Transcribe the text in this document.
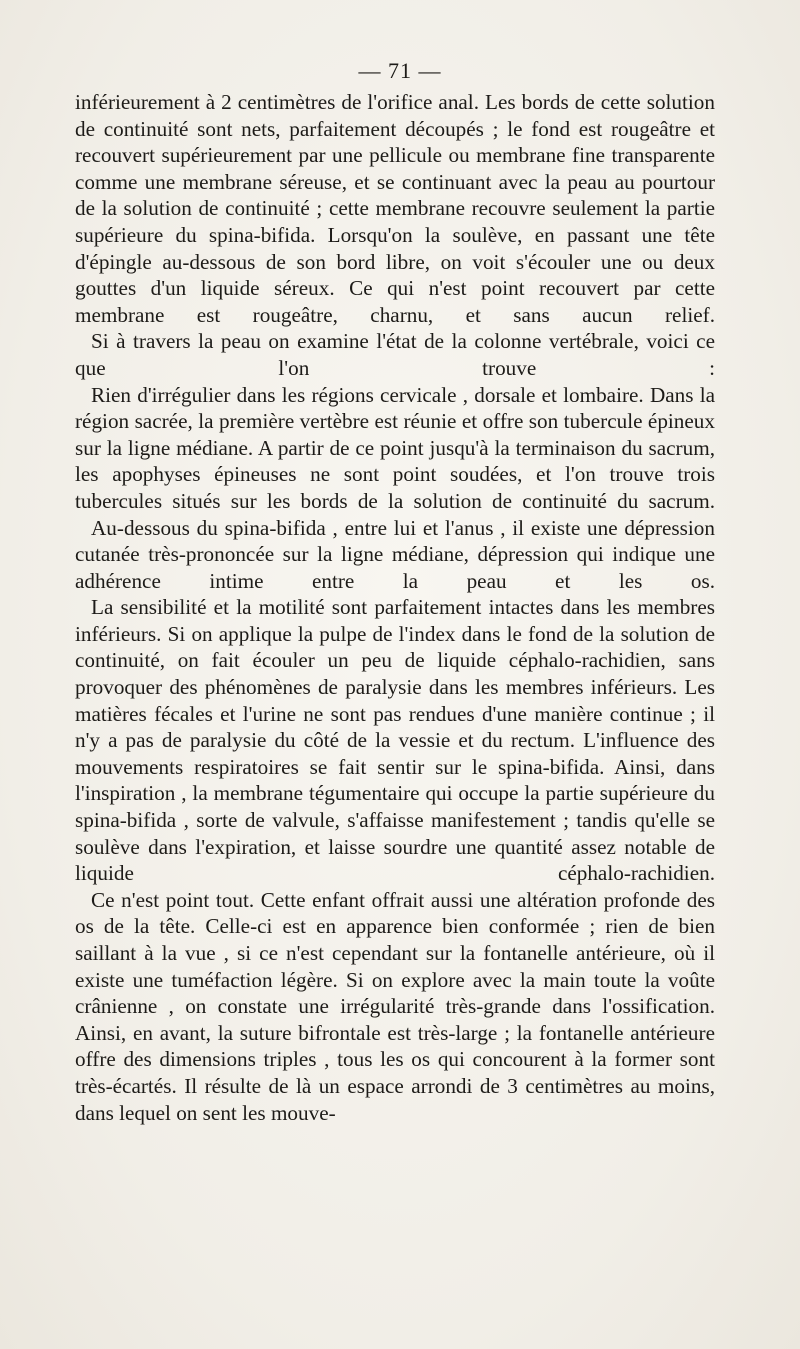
— 71 —

inférieurement à 2 centimètres de l'orifice anal. Les bords de cette solution de continuité sont nets, parfaitement découpés ; le fond est rougeâtre et recouvert supérieurement par une pellicule ou membrane fine transparente comme une membrane séreuse, et se continuant avec la peau au pourtour de la solution de continuité ; cette membrane recouvre seulement la partie supérieure du spina-bifida. Lorsqu'on la soulève, en passant une tête d'épingle au-dessous de son bord libre, on voit s'écouler une ou deux gouttes d'un liquide séreux. Ce qui n'est point recouvert par cette membrane est rougeâtre, charnu, et sans aucun relief.

Si à travers la peau on examine l'état de la colonne vertébrale, voici ce que l'on trouve :

Rien d'irrégulier dans les régions cervicale , dorsale et lombaire. Dans la région sacrée, la première vertèbre est réunie et offre son tubercule épineux sur la ligne médiane. A partir de ce point jusqu'à la terminaison du sacrum, les apophyses épineuses ne sont point soudées, et l'on trouve trois tubercules situés sur les bords de la solution de continuité du sacrum.

Au-dessous du spina-bifida , entre lui et l'anus , il existe une dépression cutanée très-prononcée sur la ligne médiane, dépression qui indique une adhérence intime entre la peau et les os.

La sensibilité et la motilité sont parfaitement intactes dans les membres inférieurs. Si on applique la pulpe de l'index dans le fond de la solution de continuité, on fait écouler un peu de liquide céphalo-rachidien, sans provoquer des phénomènes de paralysie dans les membres inférieurs. Les matières fécales et l'urine ne sont pas rendues d'une manière continue ; il n'y a pas de paralysie du côté de la vessie et du rectum. L'influence des mouvements respiratoires se fait sentir sur le spina-bifida. Ainsi, dans l'inspiration , la membrane tégumentaire qui occupe la partie supérieure du spina-bifida , sorte de valvule, s'affaisse manifestement ; tandis qu'elle se soulève dans l'expiration, et laisse sourdre une quantité assez notable de liquide céphalo-rachidien.

Ce n'est point tout. Cette enfant offrait aussi une altération profonde des os de la tête. Celle-ci est en apparence bien conformée ; rien de bien saillant à la vue , si ce n'est cependant sur la fontanelle antérieure, où il existe une tuméfaction légère. Si on explore avec la main toute la voûte crânienne , on constate une irrégularité très-grande dans l'ossification. Ainsi, en avant, la suture bifrontale est très-large ; la fontanelle antérieure offre des dimensions triples , tous les os qui concourent à la former sont très-écartés. Il résulte de là un espace arrondi de 3 centimètres au moins, dans lequel on sent les mouve-
